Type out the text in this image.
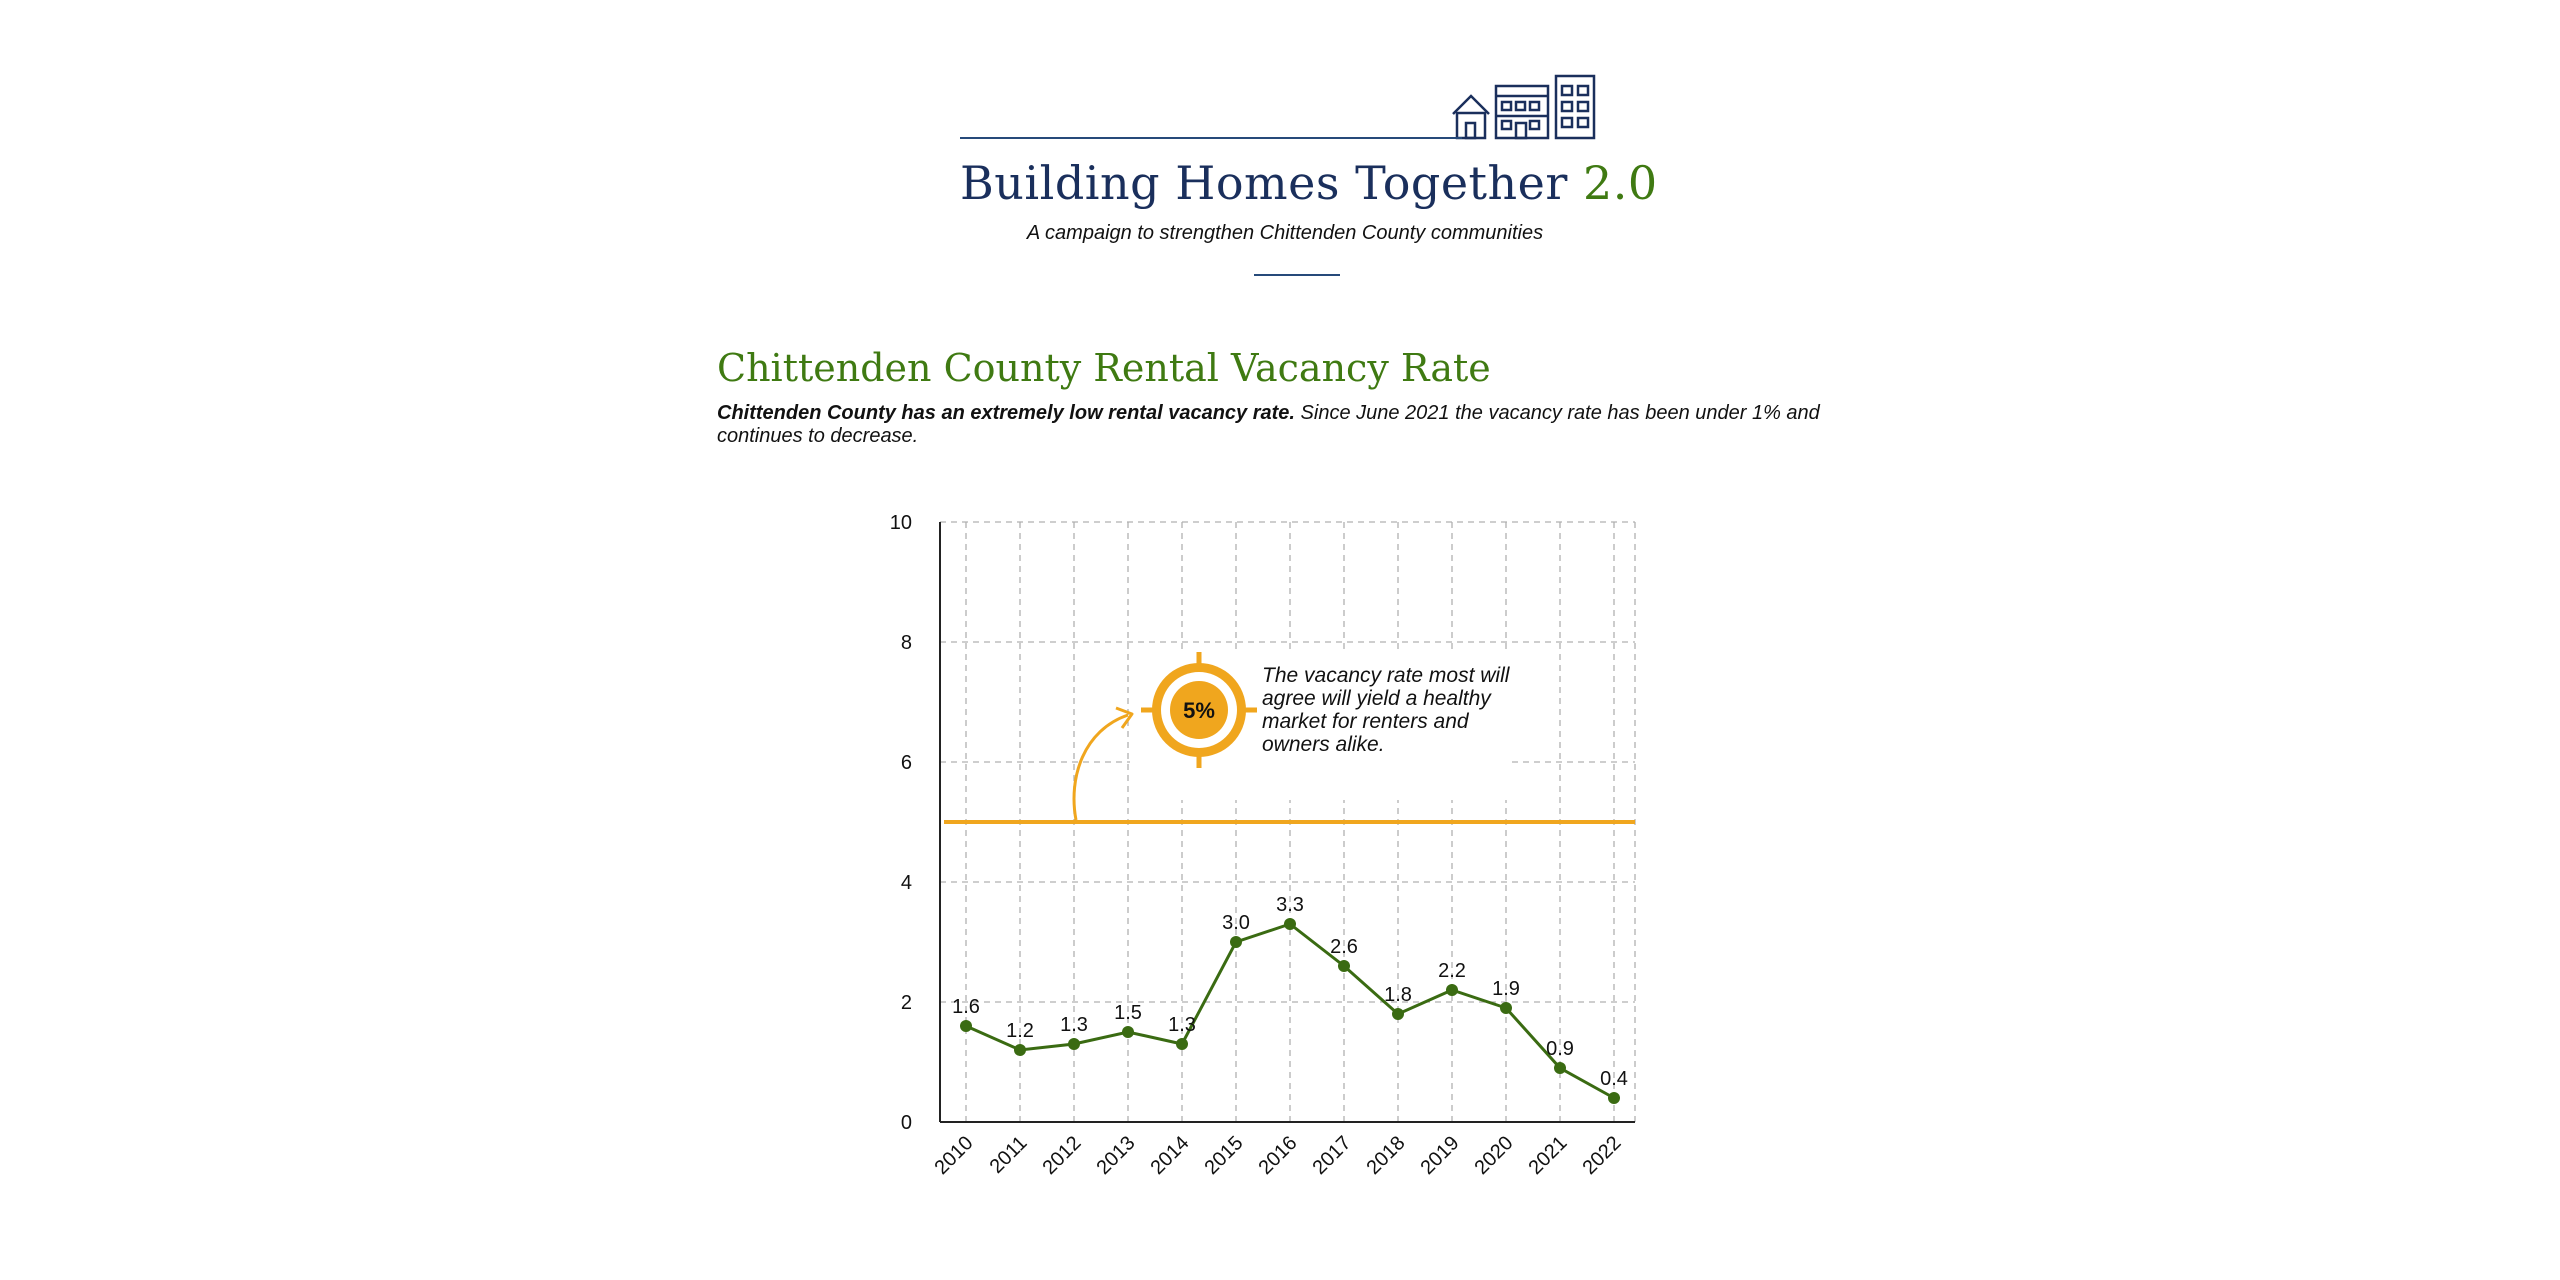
Building Homes Together 2.0
A campaign to strengthen Chittenden County communities
Chittenden County Rental Vacancy Rate
Chittenden County has an extremely low rental vacancy rate. Since June 2021 the vacancy rate has been under 1% and continues to decrease.
0
2
4
6
8
10
2010 2011 2012 2013 2014 2015 2016 2017 2018 2019 2020 2021 2022
5%
1.6
1.2 1.3
1.5
1.3
3.0
3.3
2.6
1.8
2.2
1.9
0.9
0.4
The vacancy rate most will agree will yield a healthy market for renters and owners alike.
